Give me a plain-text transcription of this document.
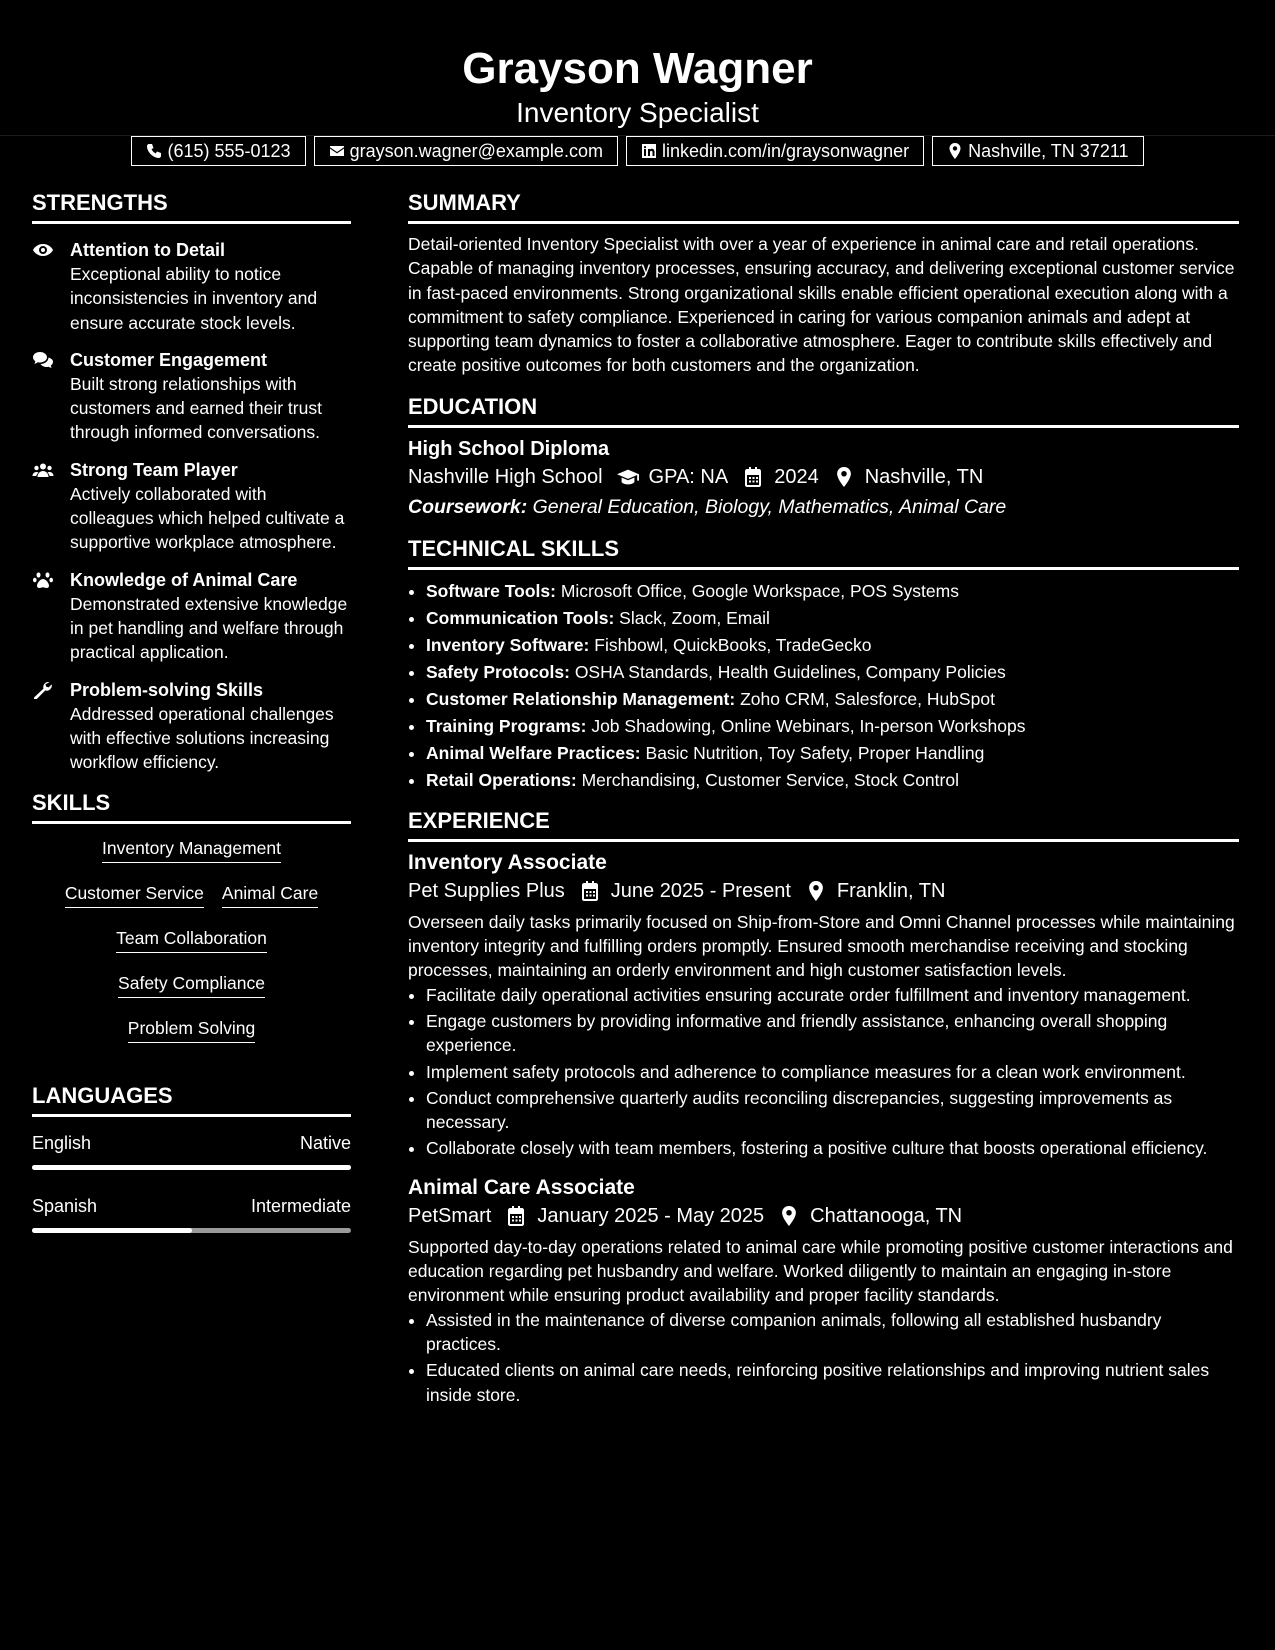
Grayson Wagner
Inventory Specialist
(615) 555-0123	grayson.wagner@example.com	linkedin.com/in/graysonwagner	Nashville, TN 37211
STRENGTHS
Attention to Detail
Exceptional ability to notice inconsistencies in inventory and ensure accurate stock levels.
Customer Engagement
Built strong relationships with customers and earned their trust through informed conversations.
Strong Team Player
Actively collaborated with colleagues which helped cultivate a supportive workplace atmosphere.
Knowledge of Animal Care
Demonstrated extensive knowledge in pet handling and welfare through practical application.
Problem-solving Skills
Addressed operational challenges with effective solutions increasing workflow efficiency.
SKILLS
Inventory Management
Customer Service Animal Care
Team Collaboration
Safety Compliance
Problem Solving
LANGUAGES
English	Native
Spanish	Intermediate
SUMMARY

Detail-oriented Inventory Specialist with over a year of experience in animal care and retail operations. Capable of managing inventory processes, ensuring accuracy, and delivering exceptional customer service in fast-paced environments. Strong organizational skills enable efficient operational execution along with a commitment to safety compliance. Experienced in caring for various companion animals and adept at supporting team dynamics to foster a collaborative atmosphere. Eager to contribute skills effectively and create positive outcomes for both customers and the organization.

EDUCATION
High School Diploma
Nashville High School GPA: NA 2024 Nashville, TN
Coursework: General Education, Biology, Mathematics, Animal Care
TECHNICAL SKILLS
• Software Tools: Microsoft Office, Google Workspace, POS Systems
• Communication Tools: Slack, Zoom, Email
• Inventory Software: Fishbowl, QuickBooks, TradeGecko
• Safety Protocols: OSHA Standards, Health Guidelines, Company Policies
• Customer Relationship Management: Zoho CRM, Salesforce, HubSpot
• Training Programs: Job Shadowing, Online Webinars, In-person Workshops
• Animal Welfare Practices: Basic Nutrition, Toy Safety, Proper Handling
• Retail Operations: Merchandising, Customer Service, Stock Control
EXPERIENCE
Inventory Associate
Pet Supplies Plus June 2025 - Present Franklin, TN
Overseen daily tasks primarily focused on Ship-from-Store and Omni Channel processes while maintaining inventory integrity and fulfilling orders promptly. Ensured smooth merchandise receiving and stocking processes, maintaining an orderly environment and high customer satisfaction levels.
• Facilitate daily operational activities ensuring accurate order fulfillment and inventory management.
• Engage customers by providing informative and friendly assistance, enhancing overall shopping experience.
• Implement safety protocols and adherence to compliance measures for a clean work environment.
• Conduct comprehensive quarterly audits reconciling discrepancies, suggesting improvements as necessary.
• Collaborate closely with team members, fostering a positive culture that boosts operational efficiency.
Animal Care Associate
PetSmart January 2025 - May 2025 Chattanooga, TN
Supported day-to-day operations related to animal care while promoting positive customer interactions and education regarding pet husbandry and welfare. Worked diligently to maintain an engaging in-store environment while ensuring product availability and proper facility standards.
• Assisted in the maintenance of diverse companion animals, following all established husbandry practices.
• Educated clients on animal care needs, reinforcing positive relationships and improving nutrient sales inside store.
